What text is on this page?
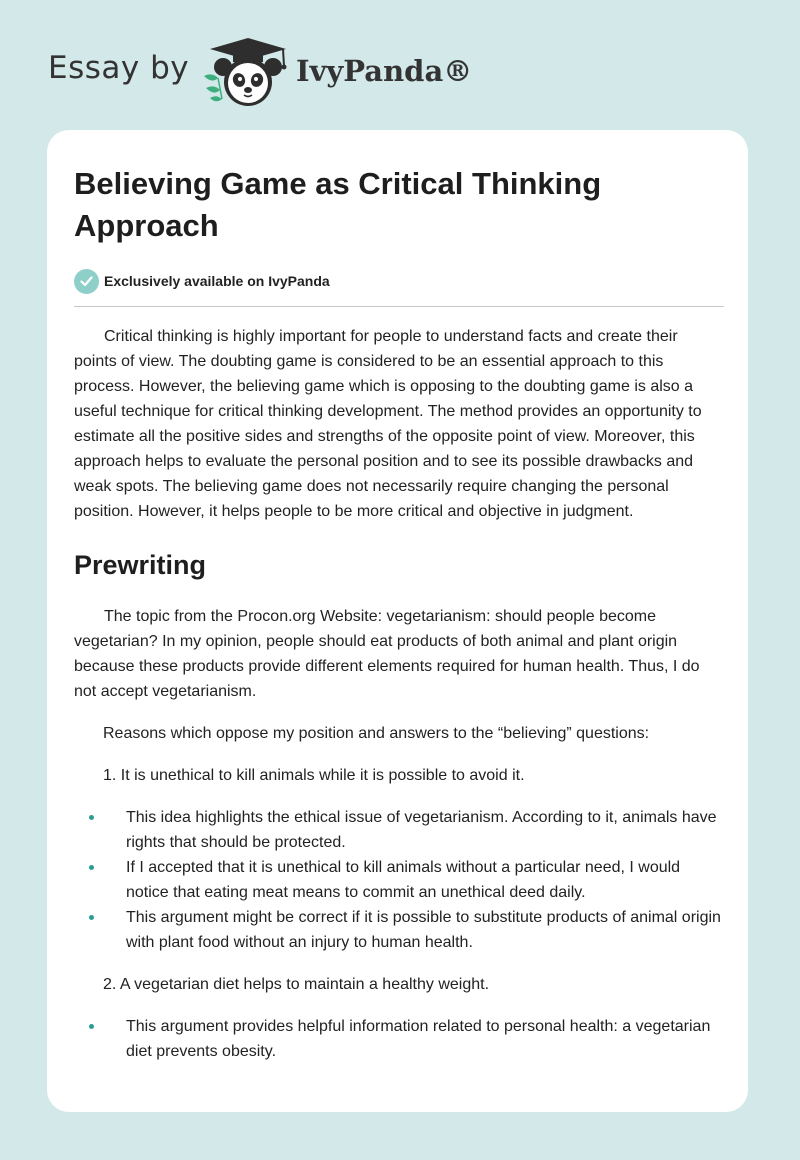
Essay by	IvyPanda®
Believing Game as Critical Thinking Approach
Exclusively available on IvyPanda

Critical thinking is highly important for people to understand facts and create their points of view. The doubting game is considered to be an essential approach to this process. However, the believing game which is opposing to the doubting game is also a useful technique for critical thinking development. The method provides an opportunity to estimate all the positive sides and strengths of the opposite point of view. Moreover, this approach helps to evaluate the personal position and to see its possible drawbacks and weak spots. The believing game does not necessarily require changing the personal position. However, it helps people to be more critical and objective in judgment.

Prewriting

The topic from the Procon.org Website: vegetarianism: should people become vegetarian? In my opinion, people should eat products of both animal and plant origin because these products provide different elements required for human health. Thus, I do not accept vegetarianism.

Reasons which oppose my position and answers to the “believing” questions:

1. It is unethical to kill animals while it is possible to avoid it.

This idea highlights the ethical issue of vegetarianism. According to it, animals have rights that should be protected.
If I accepted that it is unethical to kill animals without a particular need, I would notice that eating meat means to commit an unethical deed daily.
This argument might be correct if it is possible to substitute products of animal origin with plant food without an injury to human health.

2. A vegetarian diet helps to maintain a healthy weight.

This argument provides helpful information related to personal health: a vegetarian diet prevents obesity.
